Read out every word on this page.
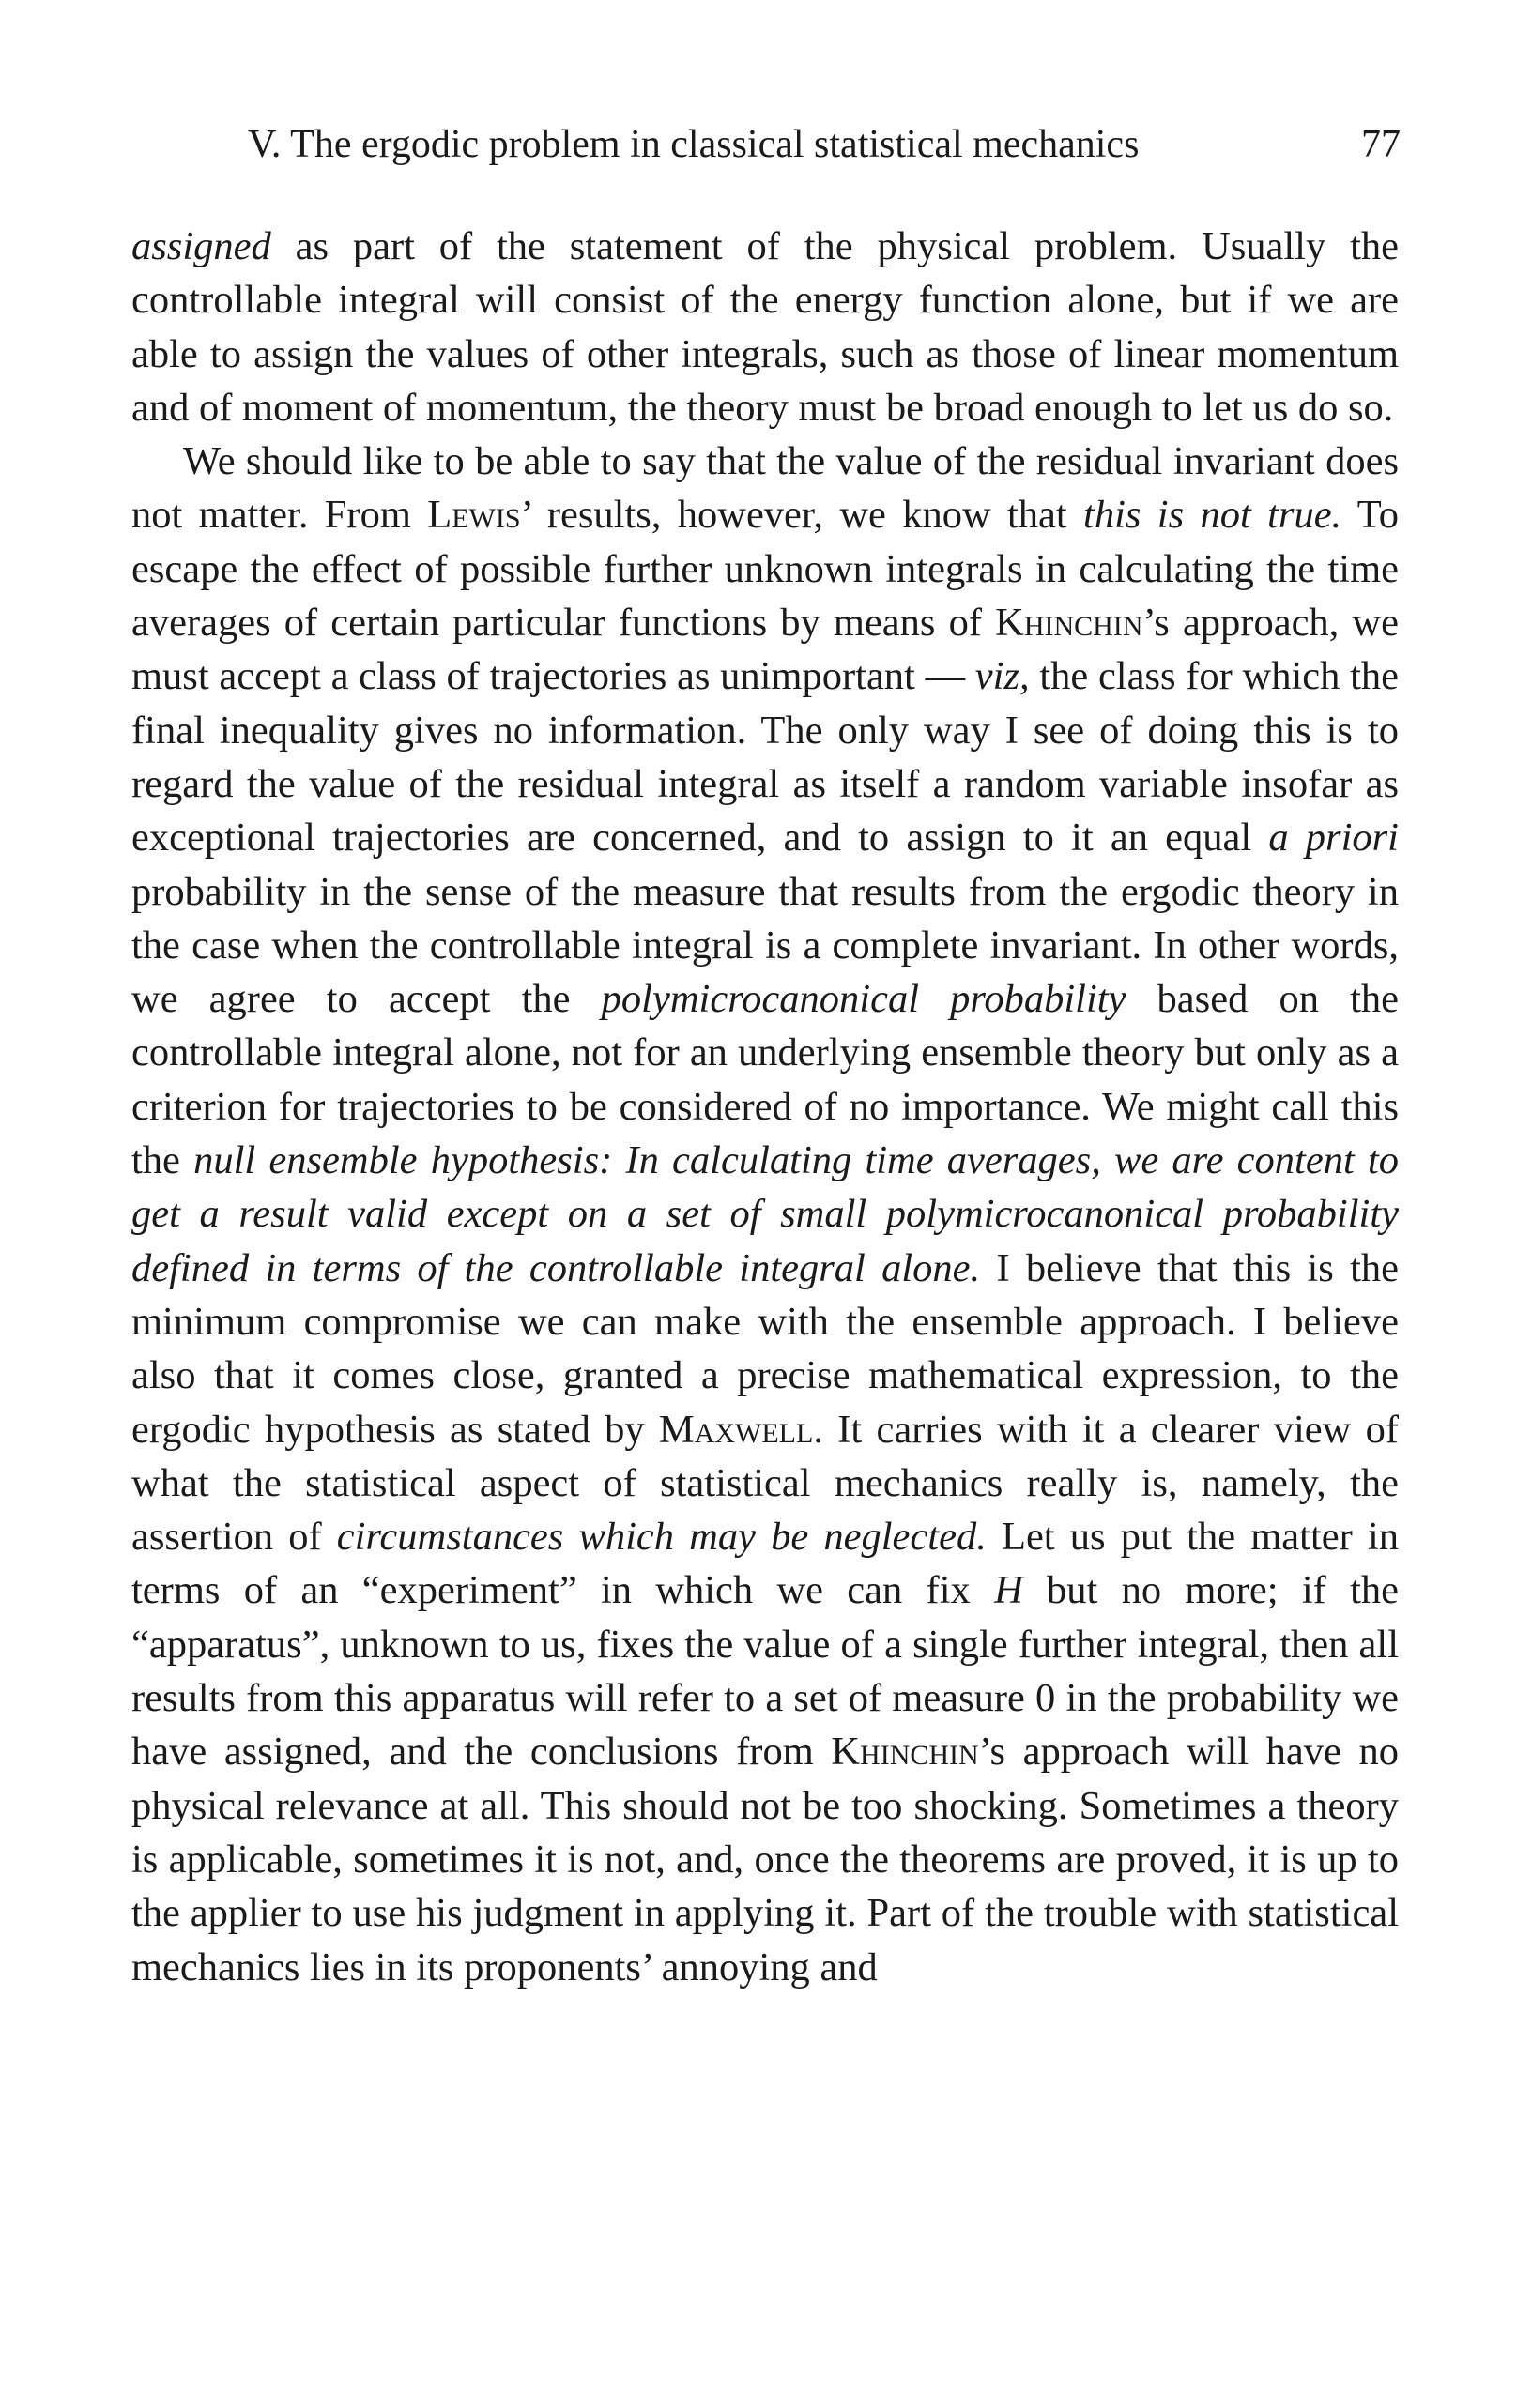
V. The ergodic problem in classical statistical mechanics	77

assigned as part of the statement of the physical problem. Usually the controllable integral will consist of the energy function alone, but if we are able to assign the values of other integrals, such as those of linear momentum and of moment of momentum, the theory must be broad enough to let us do so.

We should like to be able to say that the value of the residual invariant does not matter. From Lewis’ results, however, we know that this is not true. To escape the effect of possible further unknown integrals in calculating the time averages of certain particular functions by means of Khinchin’s approach, we must accept a class of trajectories as unimportant — viz, the class for which the final inequality gives no information. The only way I see of doing this is to regard the value of the residual integral as itself a random variable insofar as exceptional trajectories are concerned, and to assign to it an equal a priori probability in the sense of the measure that results from the ergodic theory in the case when the controllable integral is a complete invariant. In other words, we agree to accept the polymicrocanonical probability based on the controllable integral alone, not for an underlying ensemble theory but only as a criterion for trajectories to be considered of no importance. We might call this the null ensemble hypothesis: In calculating time averages, we are content to get a result valid except on a set of small polymicrocanonical probability defined in terms of the controllable integral alone. I believe that this is the minimum compromise we can make with the ensemble approach. I believe also that it comes close, granted a precise mathematical expression, to the ergodic hypothesis as stated by Maxwell. It carries with it a clearer view of what the statistical aspect of statistical mechanics really is, namely, the assertion of circumstances which may be neglected. Let us put the matter in terms of an “experiment” in which we can fix H but no more; if the “apparatus”, unknown to us, fixes the value of a single further integral, then all results from this apparatus will refer to a set of measure 0 in the probability we have assigned, and the conclusions from Khinchin’s approach will have no physical relevance at all. This should not be too shocking. Sometimes a theory is applicable, sometimes it is not, and, once the theorems are proved, it is up to the applier to use his judgment in applying it. Part of the trouble with statistical mechanics lies in its proponents’ annoying and
